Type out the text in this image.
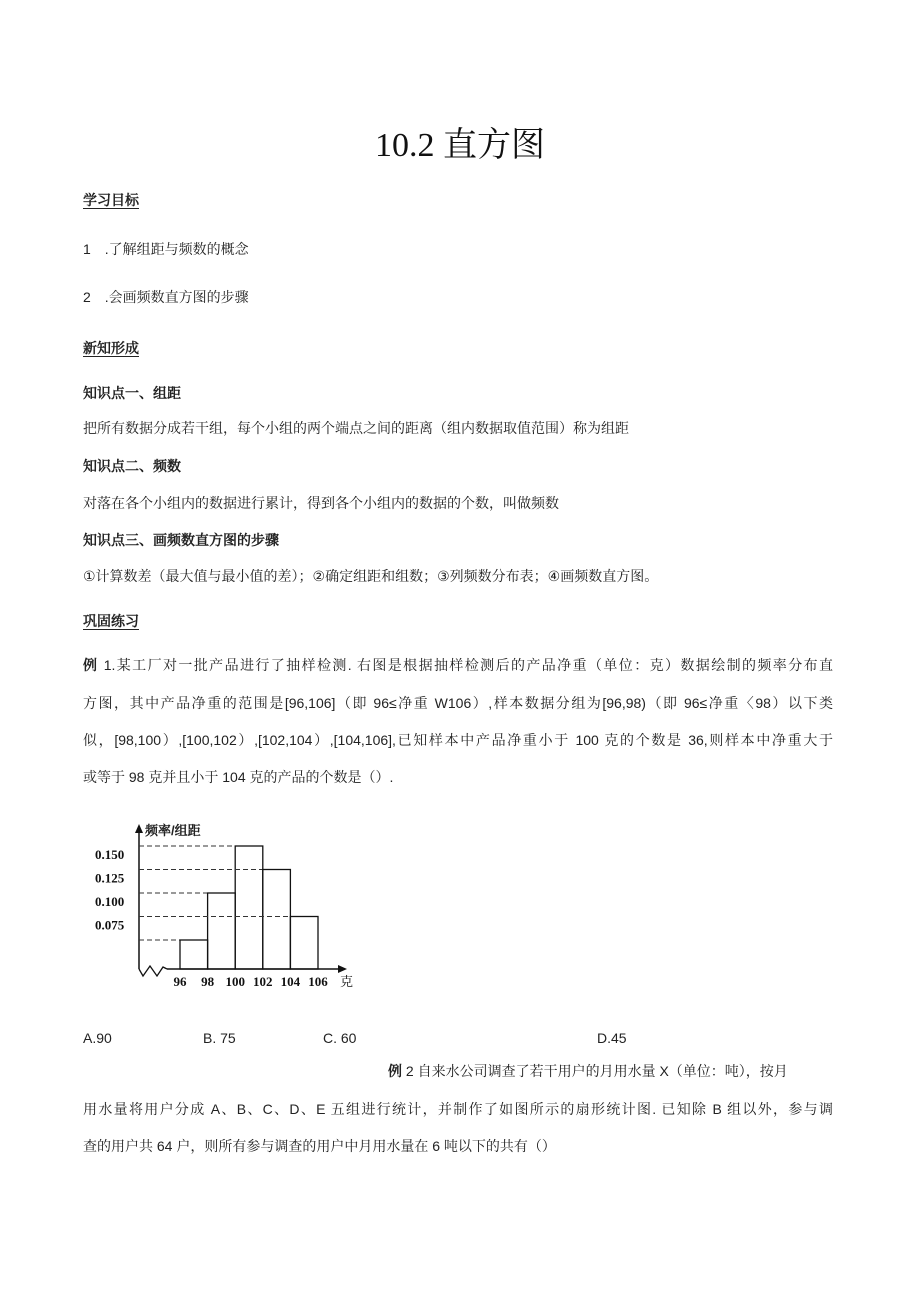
10.2 直方图
学习目标
1　.了解组距与频数的概念
2　.会画频数直方图的步骤
新知形成
知识点一、组距
把所有数据分成若干组，每个小组的两个端点之间的距离（组内数据取值范围）称为组距
知识点二、频数
对落在各个小组内的数据进行累计，得到各个小组内的数据的个数，叫做频数
知识点三、画频数直方图的步骤
①计算数差（最大值与最小值的差）；②确定组距和组数；③列频数分布表；④画频数直方图。
巩固练习
例 1.某工厂对一批产品进行了抽样检测. 右图是根据抽样检测后的产品净重（单位：克）数据绘制的频率分布直
方图，其中产品净重的范围是[96,106]（即 96≤净重 W106）,样本数据分组为[96,98)（即 96≤净重〈98）以下类
似，[98,100）,[100,102）,[102,104）,[104,106],已知样本中产品净重小于 100 克的个数是 36,则样本中净重大于
或等于 98 克并且小于 104 克的产品的个数是（）.
频率/组距
0.150
0.125
0.100
0.075
96 98 100 102 104 106 克
A.90	B. 75	C. 60	D.45
例 2 自来水公司调查了若干用户的月用水量 X（单位：吨），按月
用水量将用户分成 A、B、C、D、E 五组进行统计，并制作了如图所示的扇形统计图. 已知除 B 组以外，参与调
查的用户共 64 户，则所有参与调查的用户中月用水量在 6 吨以下的共有（）
